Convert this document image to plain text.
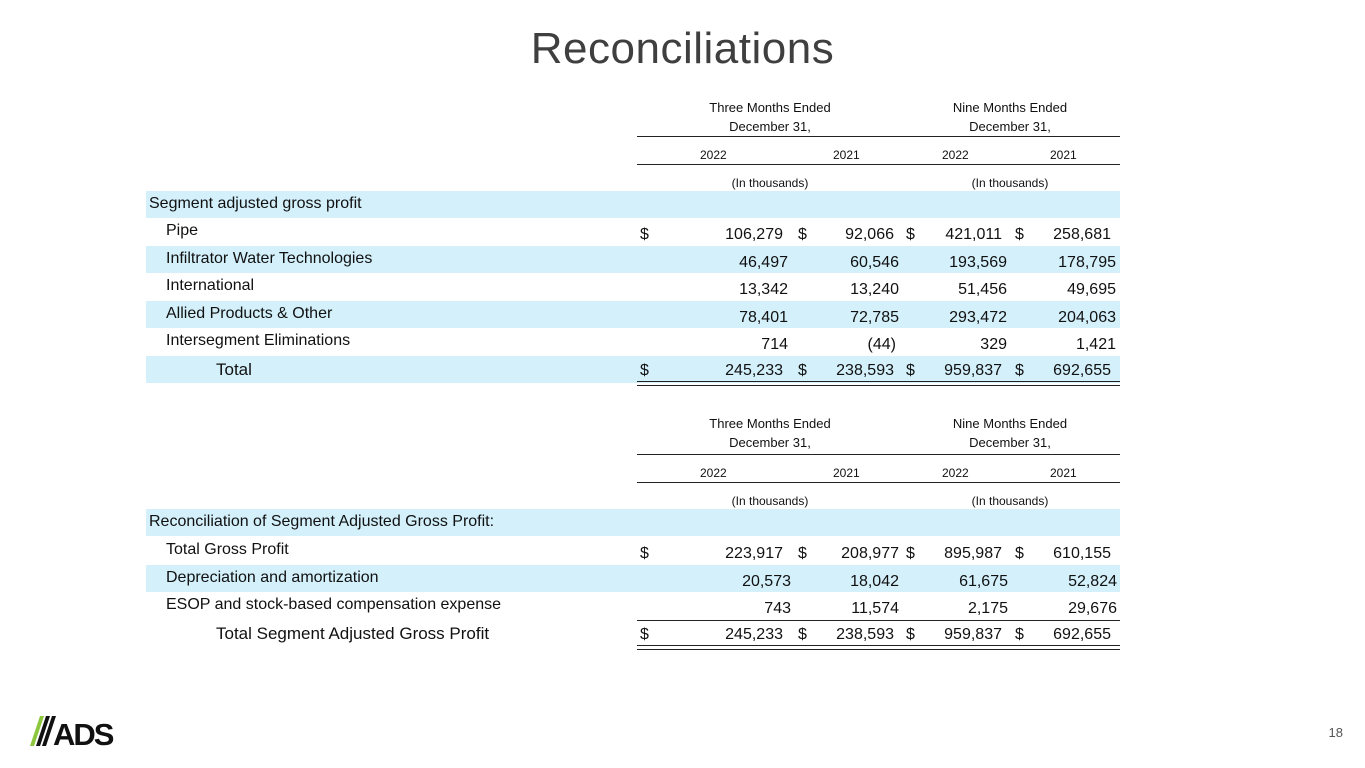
Reconciliations
Three Months Ended
December 31,
Nine Months Ended
December 31,
2022	2021	2022	2021
(In thousands)	(In thousands)
Segment adjusted gross profit
Pipe	$	106,279 $	92,066 $	421,011 $	258,681
Infiltrator Water Technologies	46,497	60,546	193,569	178,795
International	13,342	13,240	51,456	49,695
Allied Products & Other	78,401	72,785	293,472	204,063
Intersegment Eliminations	714	(44)	329	1,421
Total	$	245,233 $	238,593 $	959,837 $	692,655
Three Months Ended
December 31,
Nine Months Ended
December 31,
2022	2021	2022	2021
(In thousands)	(In thousands)
Reconciliation of Segment Adjusted Gross Profit:
Total Gross Profit	$	223,917 $	208,977 $	895,987 $	610,155
Depreciation and amortization	20,573	18,042	61,675	52,824
ESOP and stock-based compensation expense	743	11,574	2,175	29,676
Total Segment Adjusted Gross Profit	$	245,233 $	238,593 $	959,837 $	692,655
ADS	18
